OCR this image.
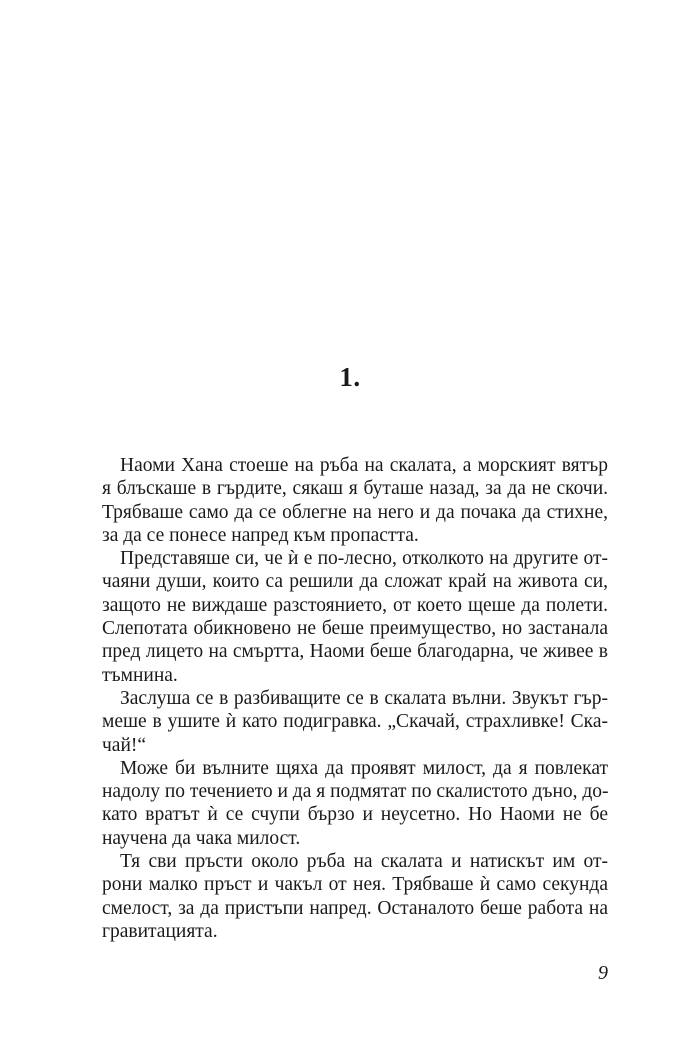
1.
Наоми Хана стоеше на ръба на скалата, а морският вятър
я блъскаше в гърдите, сякаш я буташе назад, за да не скочи.
Трябваше само да се облегне на него и да почака да стихне,
за да се понесе напред към пропастта.
Представяше си, че ѝ е по-лесно, отколкото на другите от-
чаяни души, които са решили да сложат край на живота си,
защото не виждаше разстоянието, от което щеше да полети.
Слепотата обикновено не беше преимущество, но застанала
пред лицето на смъртта, Наоми беше благодарна, че живее в
тъмнина.
Заслуша се в разбиващите се в скалата вълни. Звукът гър-
меше в ушите ѝ като подигравка. „Скачай, страхливке! Ска-
чай!“
Може би вълните щяха да проявят милост, да я повлекат
надолу по течението и да я подмятат по скалистото дъно, до-
като вратът ѝ се счупи бързо и неусетно. Но Наоми не бе
научена да чака милост.
Тя сви пръсти около ръба на скалата и натискът им от-
рони малко пръст и чакъл от нея. Трябваше ѝ само секунда
смелост, за да пристъпи напред. Останалото беше работа на
гравитацията.
9
